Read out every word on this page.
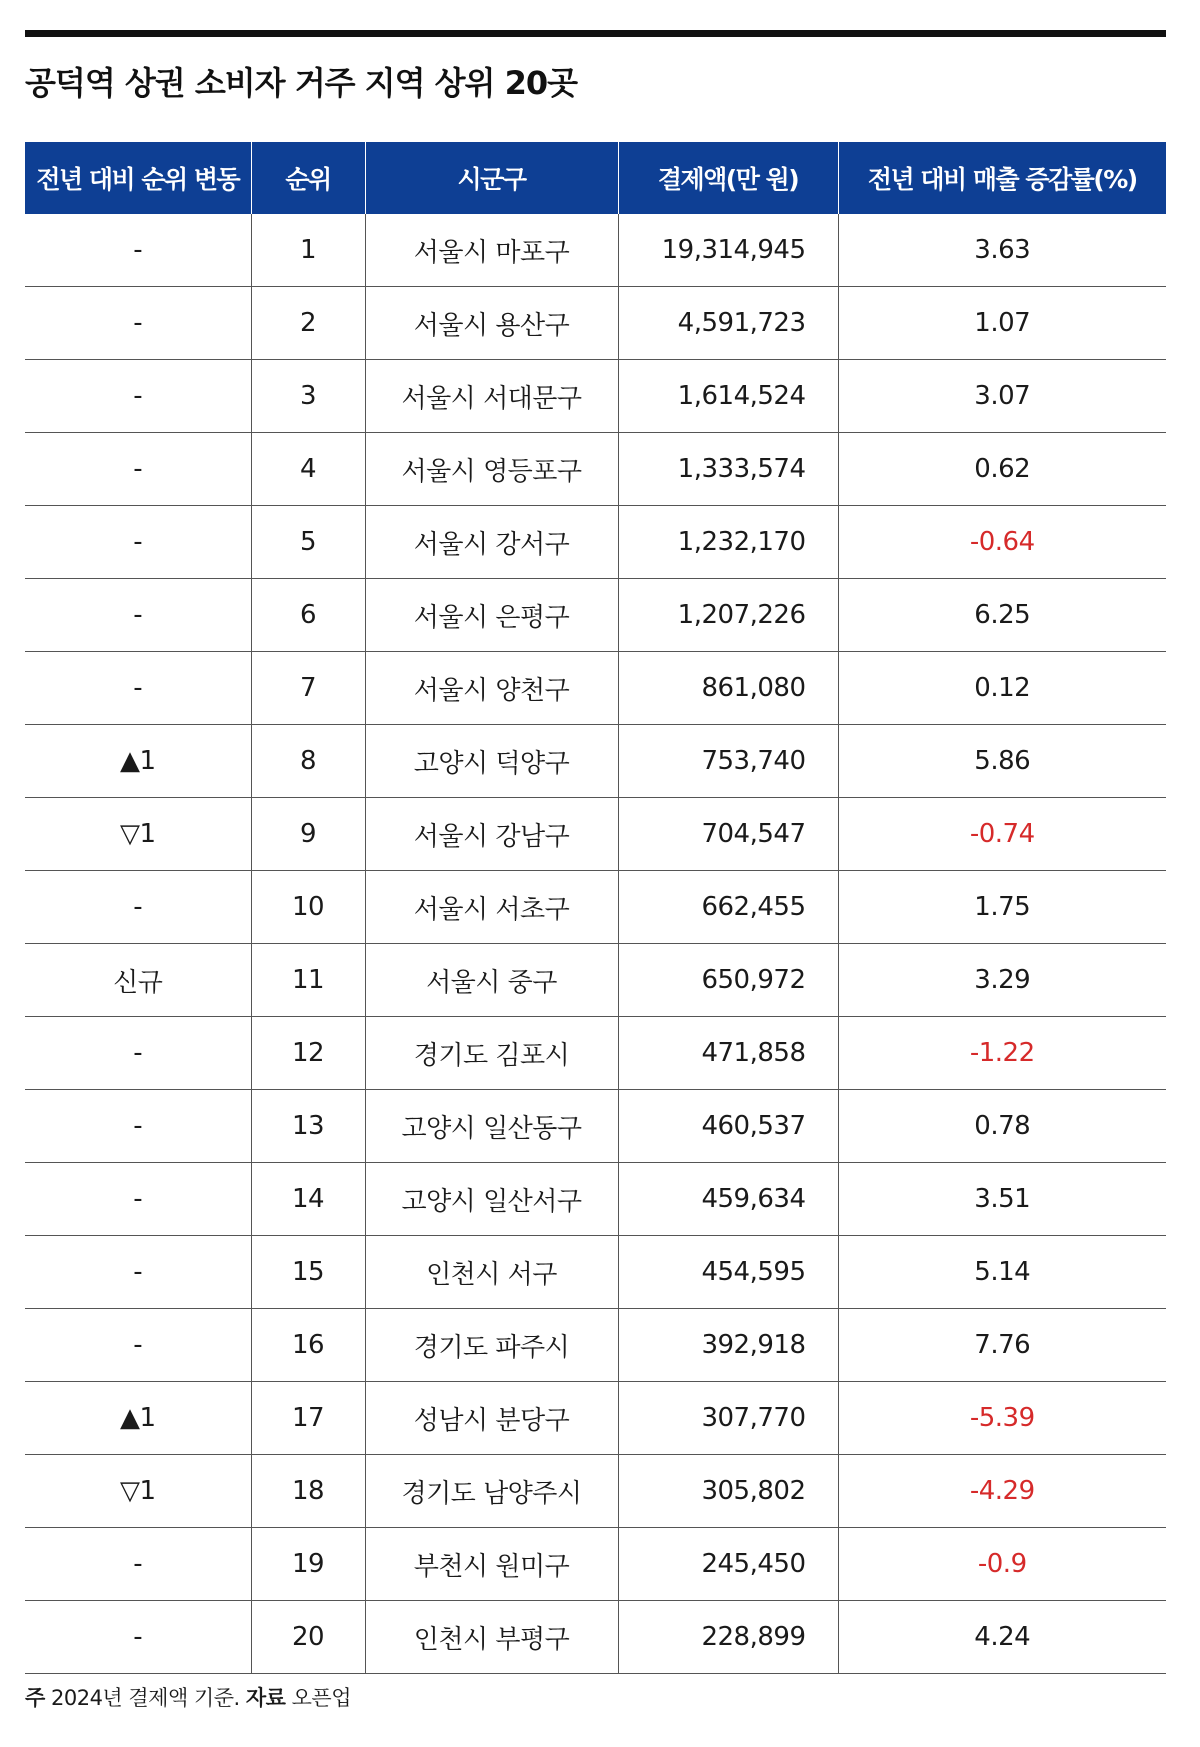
공덕역 상권 소비자 거주 지역 상위 20곳
전년 대비 순위 변동	순위	시군구	결제액(만 원)	전년 대비 매출 증감률(%)
-	1	서울시 마포구	19,314,945	3.63
-	2	서울시 용산구	4,591,723	1.07
-	3	서울시 서대문구	1,614,524	3.07
-	4	서울시 영등포구	1,333,574	0.62
-	5	서울시 강서구	1,232,170	-0.64
-	6	서울시 은평구	1,207,226	6.25
-	7	서울시 양천구	861,080	0.12
▲1	8	고양시 덕양구	753,740	5.86
▽1	9	서울시 강남구	704,547	-0.74
-	10	서울시 서초구	662,455	1.75
신규	11	서울시 중구	650,972	3.29
-	12	경기도 김포시	471,858	-1.22
-	13	고양시 일산동구	460,537	0.78
-	14	고양시 일산서구	459,634	3.51
-	15	인천시 서구	454,595	5.14
-	16	경기도 파주시	392,918	7.76
▲1	17	성남시 분당구	307,770	-5.39
▽1	18	경기도 남양주시	305,802	-4.29
-	19	부천시 원미구	245,450	-0.9
-	20	인천시 부평구	228,899	4.24
주 2024년 결제액 기준. 자료 오픈업
